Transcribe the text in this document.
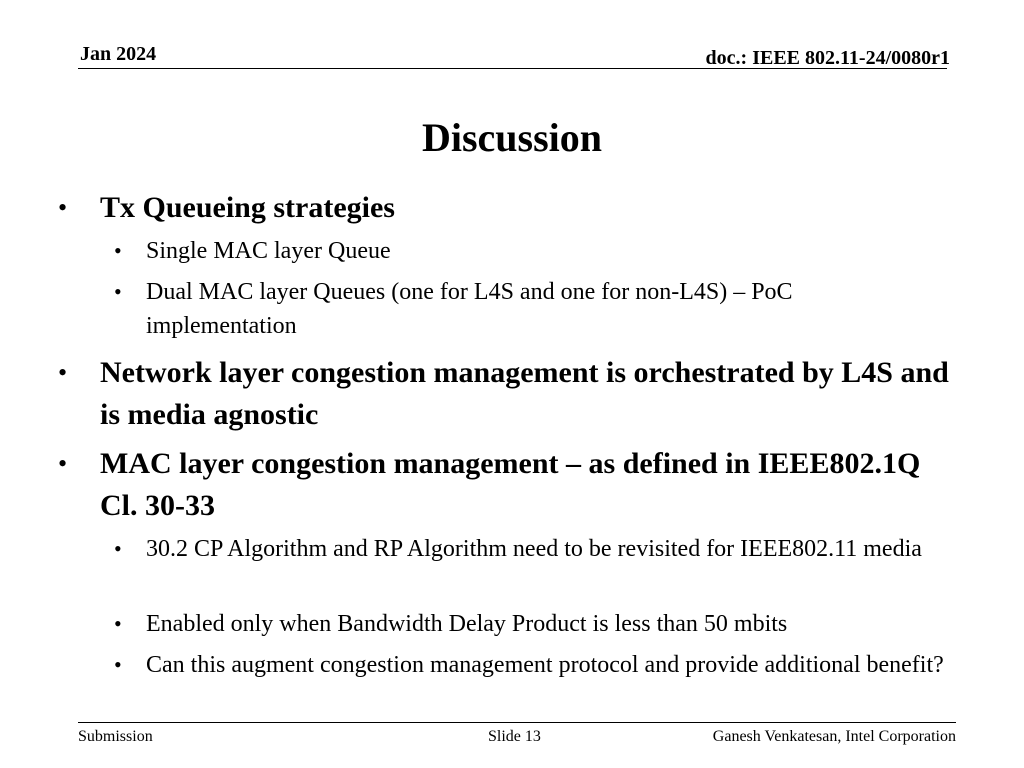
Jan 2024	doc.: IEEE 802.11-24/0080r1
Discussion
• Tx Queueing strategies
• Single MAC layer Queue
• Dual MAC layer Queues (one for L4S and one for non-L4S) – PoC implementation
• Network layer congestion management is orchestrated by L4S and is media agnostic
• MAC layer congestion management – as defined in IEEE802.1Q Cl. 30-33
• 30.2 CP Algorithm and RP Algorithm need to be revisited for IEEE802.11 media
• Enabled only when Bandwidth Delay Product is less than 50 mbits
• Can this augment congestion management protocol and provide additional benefit?
Submission	Slide 13	Ganesh Venkatesan, Intel Corporation
